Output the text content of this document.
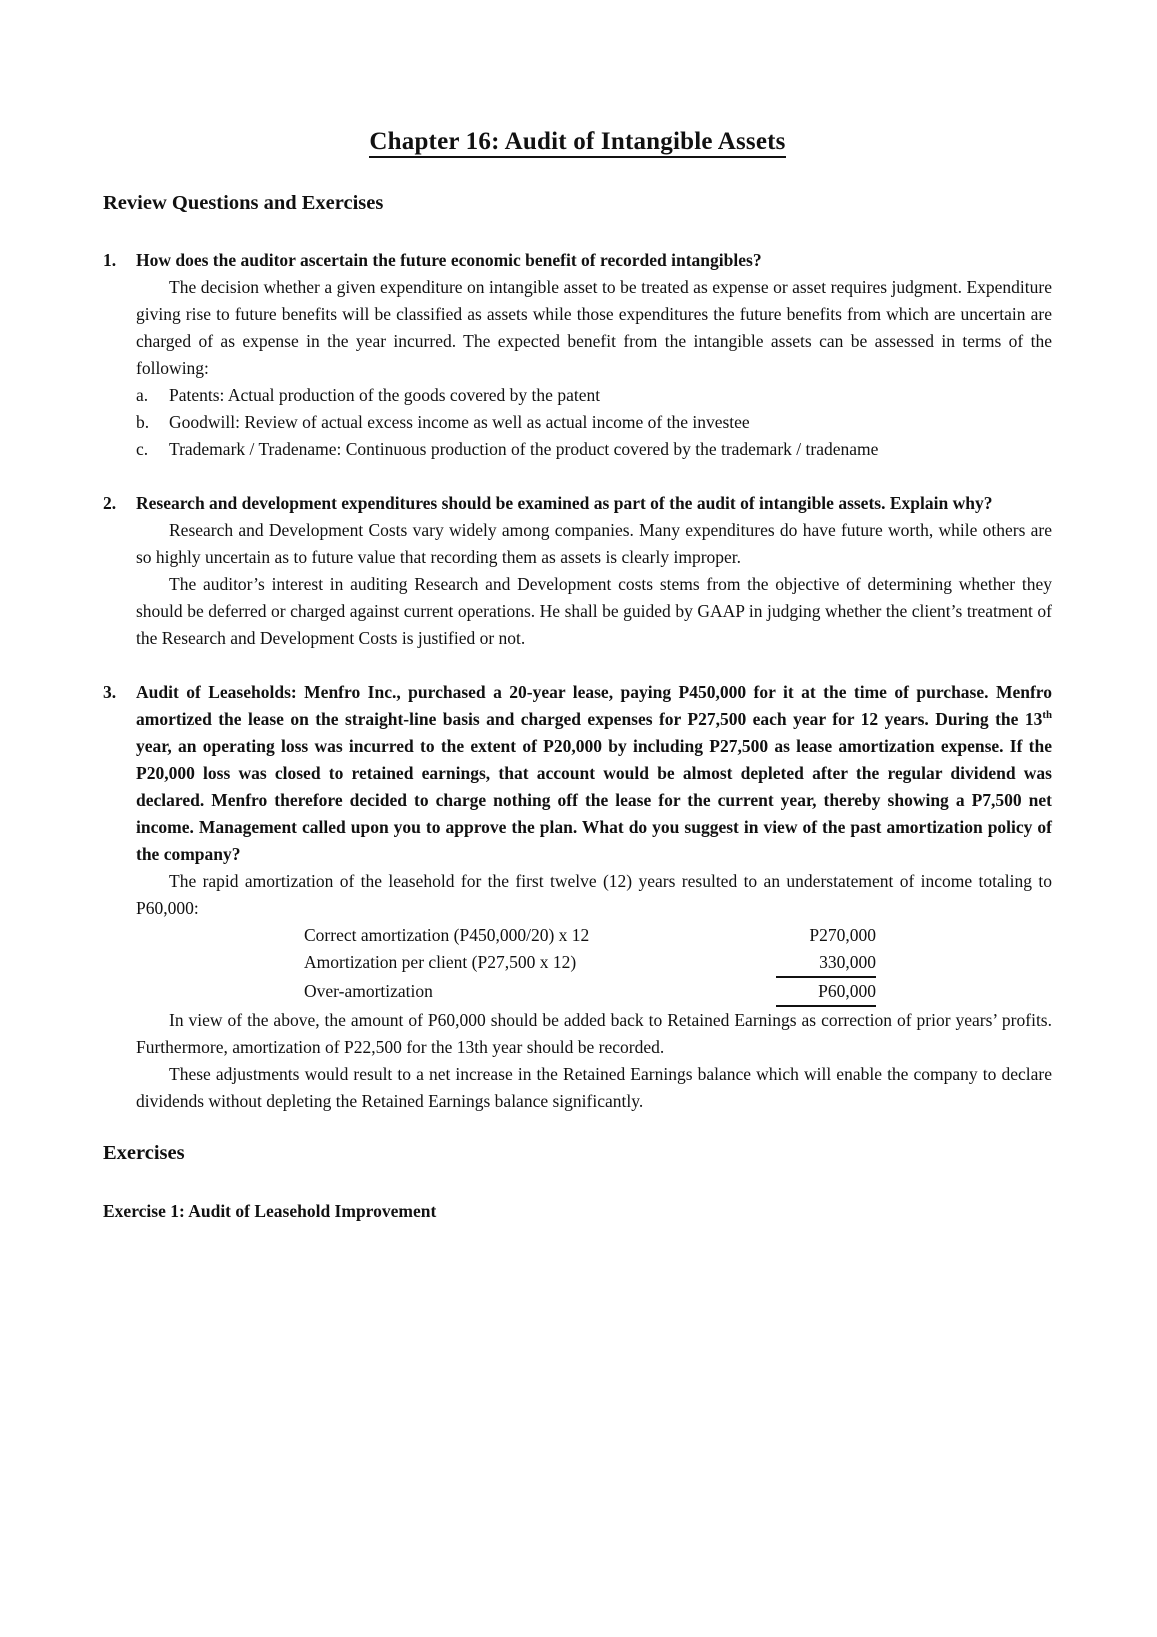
Chapter 16: Audit of Intangible Assets
Review Questions and Exercises
1.	How does the auditor ascertain the future economic benefit of recorded intangibles?

The decision whether a given expenditure on intangible asset to be treated as expense or asset requires judgment. Expenditure giving rise to future benefits will be classified as assets while those expenditures the future benefits from which are uncertain are charged of as expense in the year incurred. The expected benefit from the intangible assets can be assessed in terms of the following:

a.	Patents: Actual production of the goods covered by the patent
b.	Goodwill: Review of actual excess income as well as actual income of the investee
c.	Trademark / Tradename: Continuous production of the product covered by the trademark / tradename
2.	Research and development expenditures should be examined as part of the audit of intangible assets. Explain why?

Research and Development Costs vary widely among companies. Many expenditures do have future worth, while others are so highly uncertain as to future value that recording them as assets is clearly improper.

The auditor’s interest in auditing Research and Development costs stems from the objective of determining whether they should be deferred or charged against current operations. He shall be guided by GAAP in judging whether the client’s treatment of the Research and Development Costs is justified or not.

3.	Audit of Leaseholds: Menfro Inc., purchased a 20-year lease, paying P450,000 for it at the time of purchase. Menfro amortized the lease on the straight-line basis and charged expenses for P27,500 each year for 12 years. During the 13th year, an operating loss was incurred to the extent of P20,000 by including P27,500 as lease amortization expense. If the P20,000 loss was closed to retained earnings, that account would be almost depleted after the regular dividend was declared. Menfro therefore decided to charge nothing off the lease for the current year, thereby showing a P7,500 net income. Management called upon you to approve the plan. What do you suggest in view of the past amortization policy of the company?

The rapid amortization of the leasehold for the first twelve (12) years resulted to an understatement of income totaling to P60,000:

Correct amortization (P450,000/20) x 12	P270,000
Amortization per client (P27,500 x 12)	330,000
Over-amortization	P60,000

In view of the above, the amount of P60,000 should be added back to Retained Earnings as correction of prior years’ profits. Furthermore, amortization of P22,500 for the 13th year should be recorded.

These adjustments would result to a net increase in the Retained Earnings balance which will enable the company to declare dividends without depleting the Retained Earnings balance significantly.

Exercises
Exercise 1: Audit of Leasehold Improvement
